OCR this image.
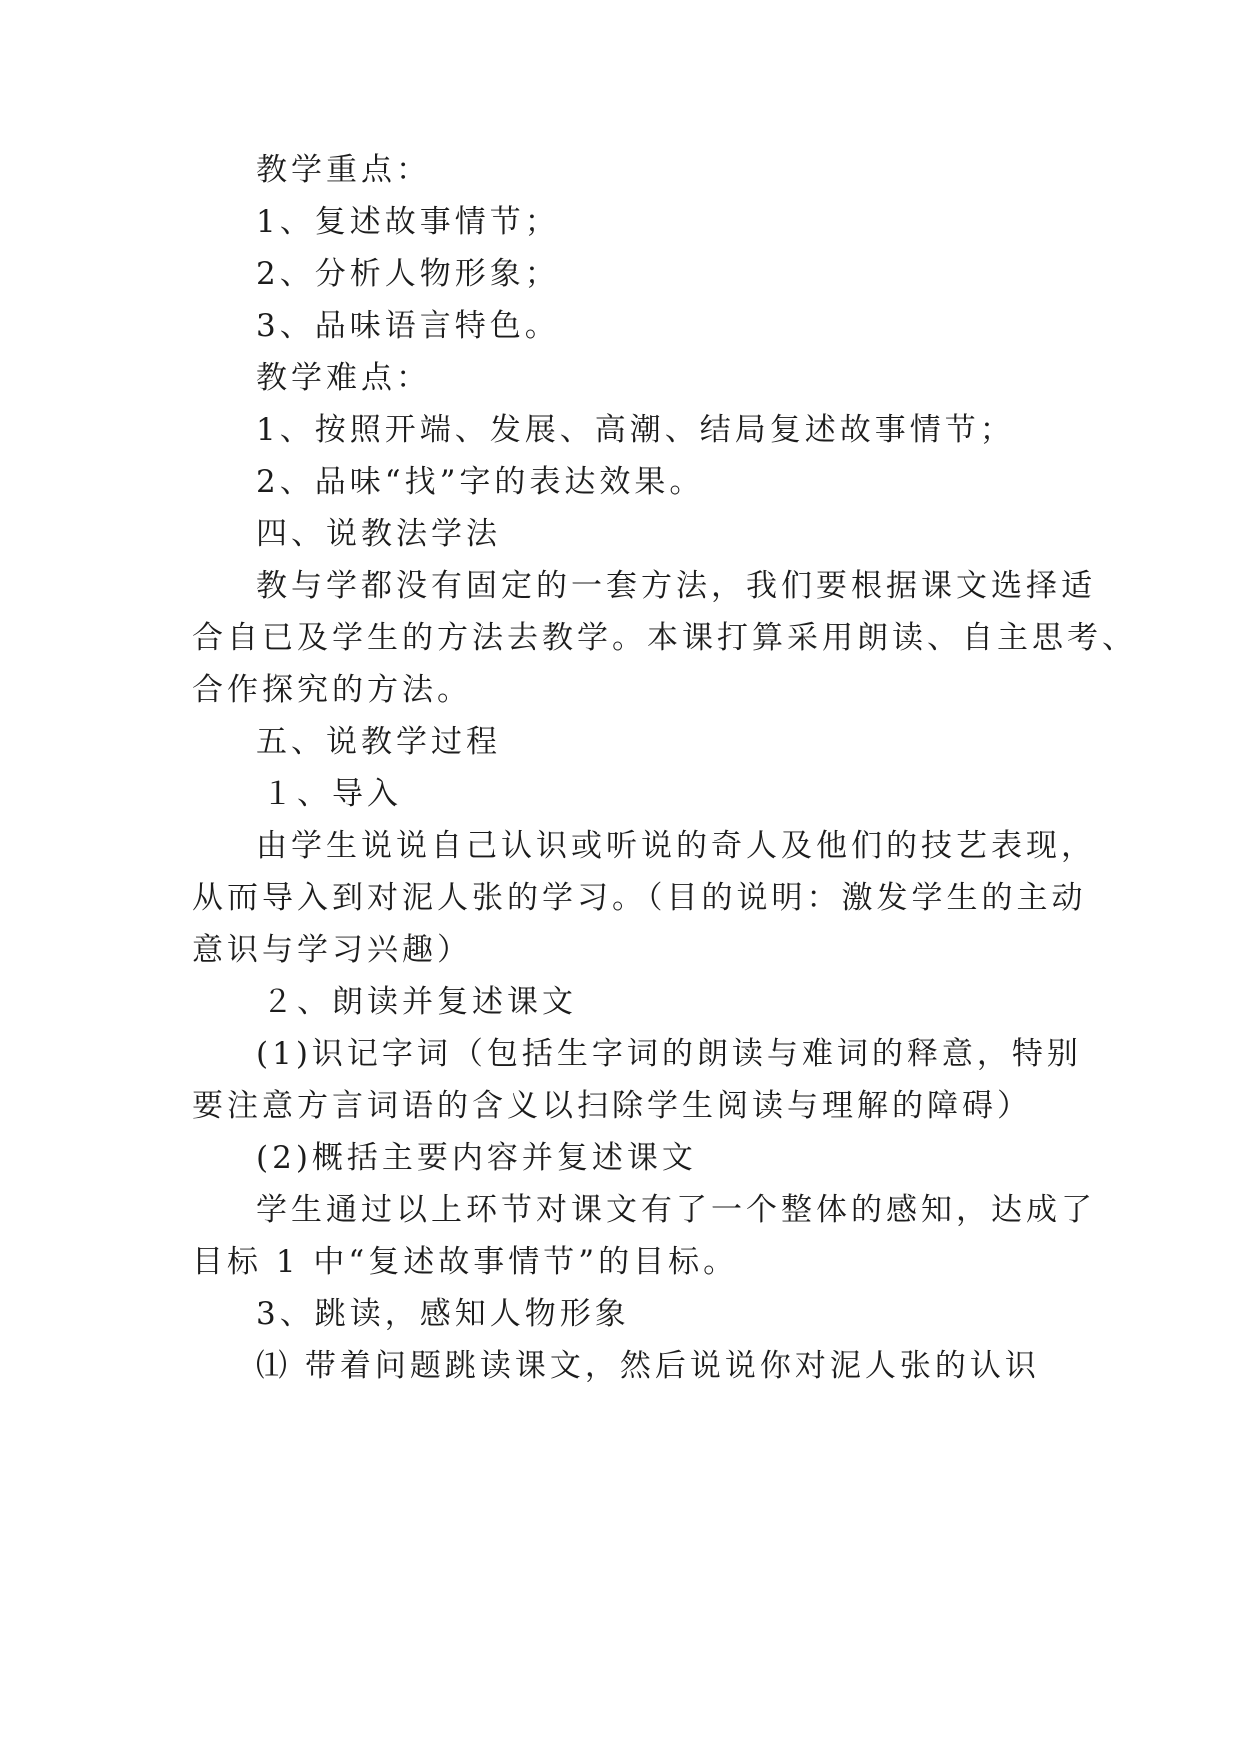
教学重点：

1、复述故事情节；

2、分析人物形象；

3、品味语言特色。

教学难点：

1、按照开端、发展、高潮、结局复述故事情节；

2、品味“找”字的表达效果。

四、说教法学法

教与学都没有固定的一套方法，我们要根据课文选择适

合自已及学生的方法去教学。本课打算采用朗读、自主思考、

合作探究的方法。

五、说教学过程

１、导入

由学生说说自己认识或听说的奇人及他们的技艺表现，

从而导入到对泥人张的学习。（目的说明：激发学生的主动

意识与学习兴趣）

２、朗读并复述课文

(1)识记字词（包括生字词的朗读与难词的释意，特别

要注意方言词语的含义以扫除学生阅读与理解的障碍）

(2)概括主要内容并复述课文

学生通过以上环节对课文有了一个整体的感知，达成了

目标 1 中“复述故事情节”的目标。

3、跳读，感知人物形象

⑴ 带着问题跳读课文，然后说说你对泥人张的认识
